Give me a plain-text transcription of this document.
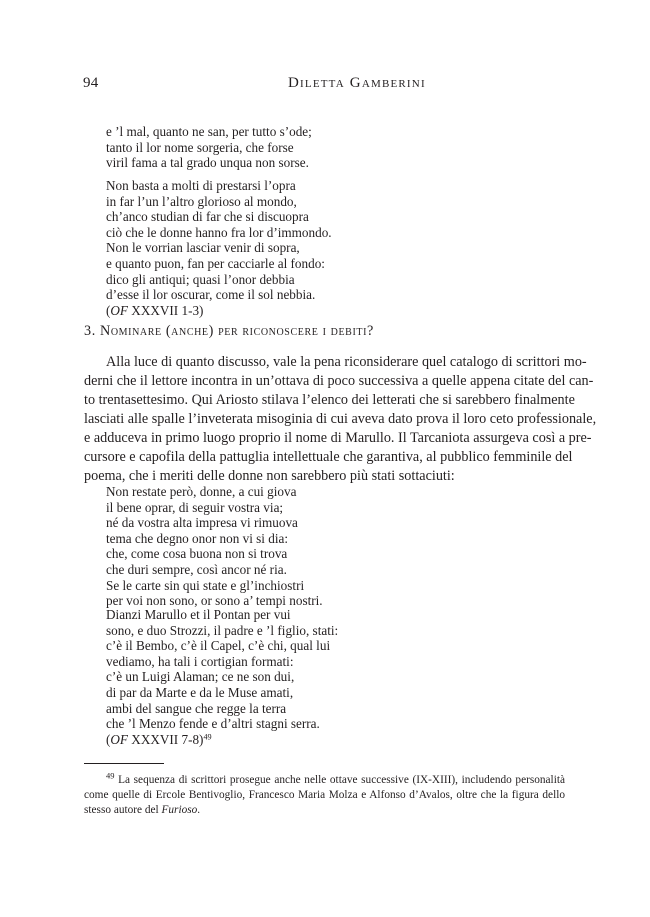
94	Diletta Gamberini
e ’l mal, quanto ne san, per tutto s’ode;
tanto il lor nome sorgeria, che forse
viril fama a tal grado unqua non sorse.
Non basta a molti di prestarsi l’opra
in far l’un l’altro glorioso al mondo,
ch’anco studian di far che si discuopra
ciò che le donne hanno fra lor d’immondo.
Non le vorrian lasciar venir di sopra,
e quanto puon, fan per cacciarle al fondo:
dico gli antiqui; quasi l’onor debbia
d’esse il lor oscurar, come il sol nebbia.
(OF XXXVII 1-3)
3. Nominare (anche) per riconoscere i debiti?
Alla luce di quanto discusso, vale la pena riconsiderare quel catalogo di scrittori mo-
derni che il lettore incontra in un’ottava di poco successiva a quelle appena citate del can-
to trentasettesimo. Qui Ariosto stilava l’elenco dei letterati che si sarebbero finalmente
lasciati alle spalle l’inveterata misoginia di cui aveva dato prova il loro ceto professionale,
e adduceva in primo luogo proprio il nome di Marullo. Il Tarcaniota assurgeva così a pre-
cursore e capofila della pattuglia intellettuale che garantiva, al pubblico femminile del
poema, che i meriti delle donne non sarebbero più stati sottaciuti:
Non restate però, donne, a cui giova
il bene oprar, di seguir vostra via;
né da vostra alta impresa vi rimuova
tema che degno onor non vi si dia:
che, come cosa buona non si trova
che duri sempre, così ancor né ria.
Se le carte sin qui state e gl’inchiostri
per voi non sono, or sono a’ tempi nostri.
Dianzi Marullo et il Pontan per vui
sono, e duo Strozzi, il padre e ’l figlio, stati:
c’è il Bembo, c’è il Capel, c’è chi, qual lui
vediamo, ha tali i cortigian formati:
c’è un Luigi Alaman; ce ne son dui,
di par da Marte e da le Muse amati,
ambi del sangue che regge la terra
che ’l Menzo fende e d’altri stagni serra.
(OF XXXVII 7-8)$^{49}$
$^{49}$ La sequenza di scrittori prosegue anche nelle ottave successive (IX-XIII), includendo personalità
come quelle di Ercole Bentivoglio, Francesco Maria Molza e Alfonso d’Avalos, oltre che la figura dello
stesso autore del Furioso.
